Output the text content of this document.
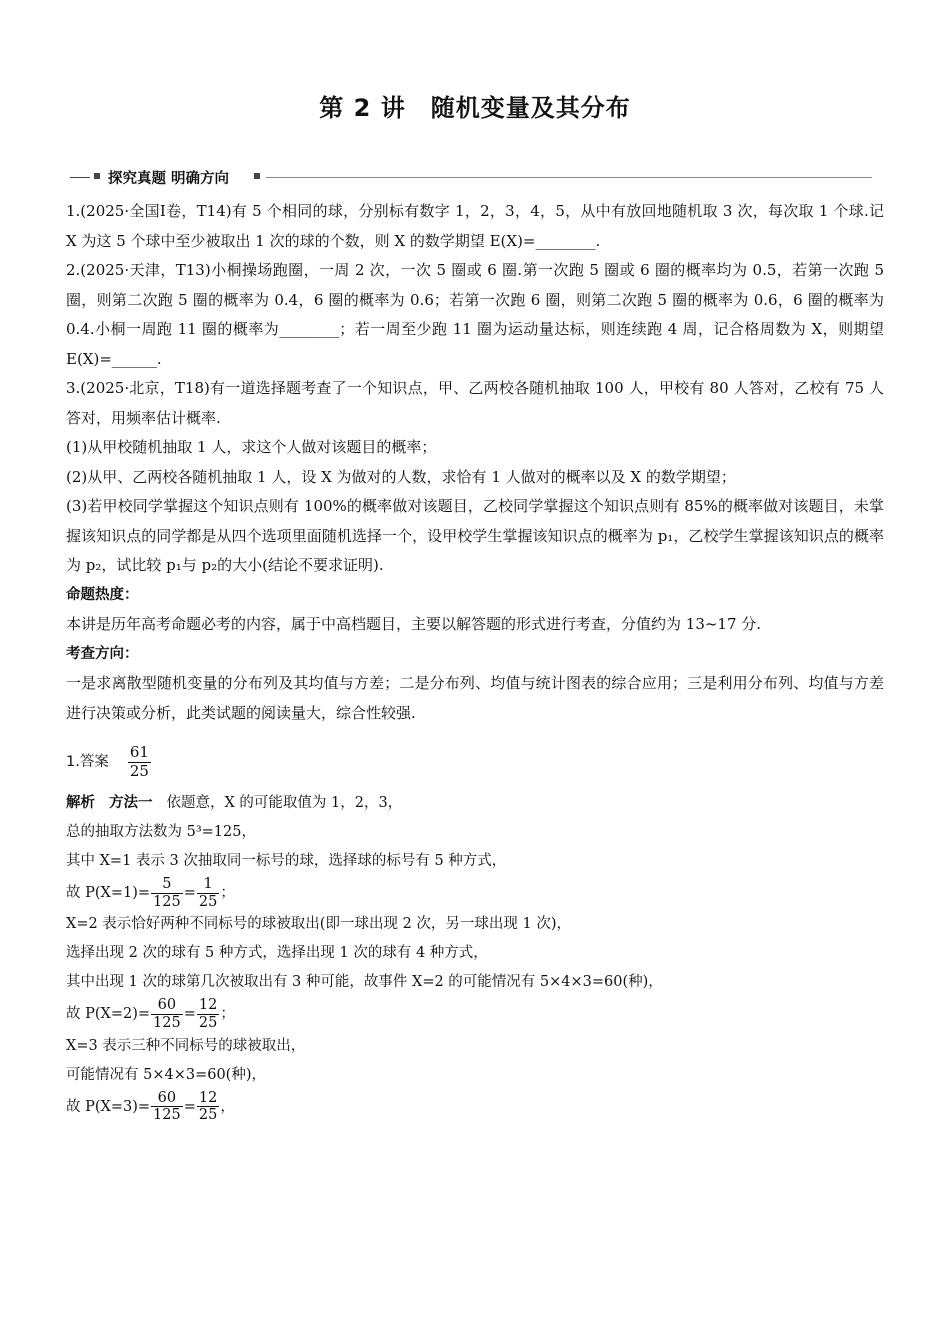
第 2 讲　随机变量及其分布
探究真题 明确方向

1.(2025·全国Ⅰ卷，T14)有 5 个相同的球，分别标有数字 1，2，3，4，5，从中有放回地随机取 3 次，每次取 1 个球.记 X 为这 5 个球中至少被取出 1 次的球的个数，则 X 的数学期望 E(X)=________.

2.(2025·天津，T13)小桐操场跑圈，一周 2 次，一次 5 圈或 6 圈.第一次跑 5 圈或 6 圈的概率均为 0.5，若第一次跑 5 圈，则第二次跑 5 圈的概率为 0.4，6 圈的概率为 0.6；若第一次跑 6 圈，则第二次跑 5 圈的概率为 0.6，6 圈的概率为 0.4.小桐一周跑 11 圈的概率为________；若一周至少跑 11 圈为运动量达标，则连续跑 4 周，记合格周数为 X，则期望 E(X)=______.

3.(2025·北京，T18)有一道选择题考查了一个知识点，甲、乙两校各随机抽取 100 人，甲校有 80 人答对，乙校有 75 人答对，用频率估计概率.

(1)从甲校随机抽取 1 人，求这个人做对该题目的概率；

(2)从甲、乙两校各随机抽取 1 人，设 X 为做对的人数，求恰有 1 人做对的概率以及 X 的数学期望；

(3)若甲校同学掌握这个知识点则有 100%的概率做对该题目，乙校同学掌握这个知识点则有 85%的概率做对该题目，未掌握该知识点的同学都是从四个选项里面随机选择一个，设甲校学生掌握该知识点的概率为 p₁，乙校学生掌握该知识点的概率为 p₂，试比较 p₁与 p₂的大小(结论不要求证明).

命题热度：

本讲是历年高考命题必考的内容，属于中高档题目，主要以解答题的形式进行考查，分值约为 13~17 分.

考查方向：

一是求离散型随机变量的分布列及其均值与方差；二是分布列、均值与统计图表的综合应用；三是利用分布列、均值与方差进行决策或分析，此类试题的阅读量大，综合性较强.

1.答案 $\frac{61}{25}$

解析 方法一 依题意，X 的可能取值为 1，2，3，

总的抽取方法数为 5³=125，

其中 X=1 表示 3 次抽取同一标号的球，选择球的标号有 5 种方式，

故 $P(X=1)= \frac{5}{125} = \frac{1}{25}$ ；

X=2 表示恰好两种不同标号的球被取出(即一球出现 2 次，另一球出现 1 次)，

选择出现 2 次的球有 5 种方式，选择出现 1 次的球有 4 种方式，

其中出现 1 次的球第几次被取出有 3 种可能，故事件 X=2 的可能情况有 5×4×3=60(种)，

故 $P(X=2)= \frac{60}{125} = \frac{12}{25}$ ；

X=3 表示三种不同标号的球被取出，

可能情况有 5×4×3=60(种)，

故 $P(X=3)= \frac{60}{125} = \frac{12}{25}$ ，
